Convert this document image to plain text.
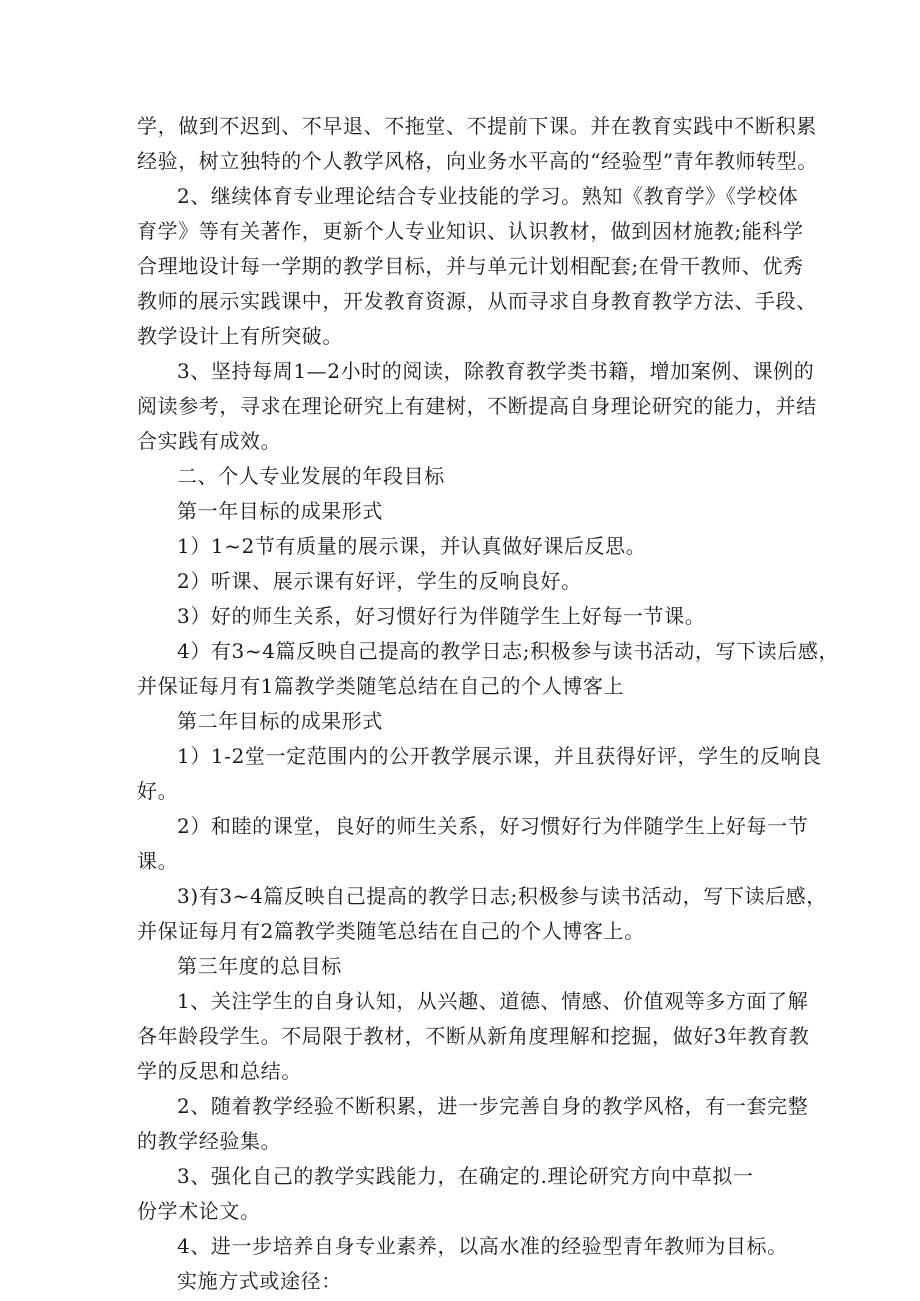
学，做到不迟到、不早退、不拖堂、不提前下课。并在教育实践中不断积累
经验，树立独特的个人教学风格，向业务水平高的“经验型”青年教师转型。
2、继续体育专业理论结合专业技能的学习。熟知《教育学》《学校体
育学》等有关著作，更新个人专业知识、认识教材，做到因材施教;能科学
合理地设计每一学期的教学目标，并与单元计划相配套;在骨干教师、优秀
教师的展示实践课中，开发教育资源，从而寻求自身教育教学方法、手段、
教学设计上有所突破。
3、坚持每周1—2小时的阅读，除教育教学类书籍，增加案例、课例的
阅读参考，寻求在理论研究上有建树，不断提高自身理论研究的能力，并结
合实践有成效。
二、个人专业发展的年段目标
第一年目标的成果形式
1）1~2节有质量的展示课，并认真做好课后反思。
2）听课、展示课有好评，学生的反响良好。
3）好的师生关系，好习惯好行为伴随学生上好每一节课。
4）有3~4篇反映自己提高的教学日志;积极参与读书活动，写下读后感，
并保证每月有1篇教学类随笔总结在自己的个人博客上
第二年目标的成果形式
1）1-2堂一定范围内的公开教学展示课，并且获得好评，学生的反响良
好。
2）和睦的课堂，良好的师生关系，好习惯好行为伴随学生上好每一节
课。
3)有3~4篇反映自己提高的教学日志;积极参与读书活动，写下读后感，
并保证每月有2篇教学类随笔总结在自己的个人博客上。
第三年度的总目标
1、关注学生的自身认知，从兴趣、道德、情感、价值观等多方面了解
各年龄段学生。不局限于教材，不断从新角度理解和挖掘，做好3年教育教
学的反思和总结。
2、随着教学经验不断积累，进一步完善自身的教学风格，有一套完整
的教学经验集。
3、强化自己的教学实践能力，在确定的.理论研究方向中草拟一
份学术论文。
4、进一步培养自身专业素养，以高水准的经验型青年教师为目标。
实施方式或途径：
